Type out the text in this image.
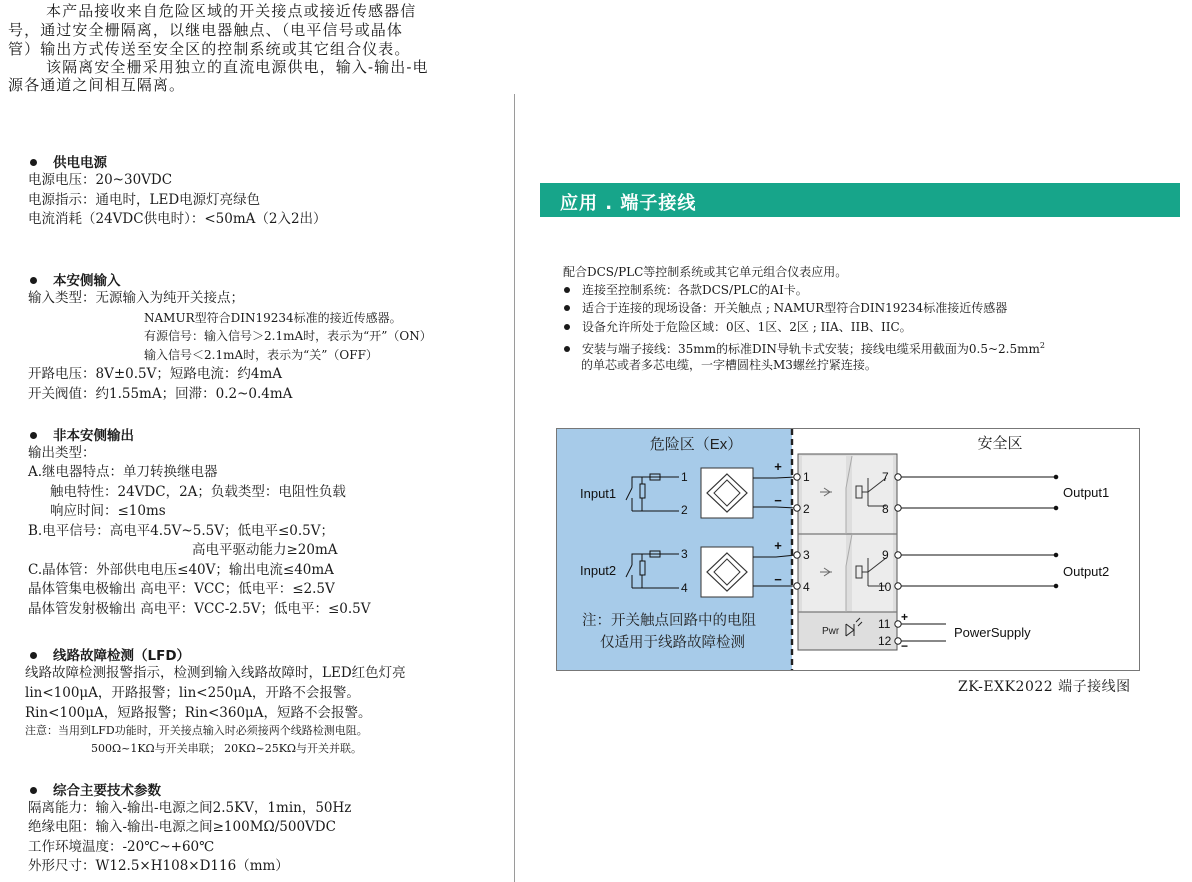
本产品接收来自危险区域的开关接点或接近传感器信
号，通过安全栅隔离，以继电器触点、（电平信号或晶体
管）输出方式传送至安全区的控制系统或其它组合仪表。
该隔离安全栅采用独立的直流电源供电，输入-输出-电
源各通道之间相互隔离。
供电电源
电源电压：20~30VDC
电源指示：通电时，LED电源灯亮绿色
电流消耗（24VDC供电时）：<50mA（2入2出）
本安侧输入
输入类型：无源输入为纯开关接点；
NAMUR型符合DIN19234标准的接近传感器。
有源信号：输入信号＞2.1mA时，表示为“开”（ON）
输入信号＜2.1mA时，表示为“关”（OFF）
开路电压：8V±0.5V；短路电流：约4mA
开关阀值：约1.55mA；回滞：0.2~0.4mA
非本安侧输出
输出类型：
A.继电器特点：单刀转换继电器
触电特性：24VDC，2A；负载类型：电阻性负载
响应时间：≤10ms
B.电平信号：高电平4.5V~5.5V；低电平≤0.5V；
高电平驱动能力≥20mA
C.晶体管：外部供电电压≤40V；输出电流≤40mA
晶体管集电极输出 高电平：VCC；低电平：≤2.5V
晶体管发射极输出 高电平：VCC-2.5V；低电平：≤0.5V
线路故障检测（LFD）
线路故障检测报警指示，检测到输入线路故障时，LED红色灯亮
lin<100μA，开路报警；lin<250μA，开路不会报警。
Rin<100μA，短路报警；Rin<360μA，短路不会报警。
注意：当用到LFD功能时，开关接点输入时必须接两个线路检测电阻。
500Ω~1KΩ与开关串联； 20KΩ~25KΩ与开关并联。
综合主要技术参数
隔离能力：输入-输出-电源之间2.5KV，1min，50Hz
绝缘电阻：输入-输出-电源之间≥100MΩ/500VDC
工作环境温度：-20℃~+60℃
外形尺寸：W12.5×H108×D116（mm）
应用 . 端子接线
配合DCS/PLC等控制系统或其它单元组合仪表应用。
连接至控制系统：各款DCS/PLC的AI卡。
适合于连接的现场设备：开关触点 ; NAMUR型符合DIN19234标准接近传感器
设备允许所处于危险区域：0区、1区、2区 ; IIA、IIB、IIC。
安装与端子接线：35mm的标准DIN导轨卡式安装；接线电缆采用截面为$0.5\sim 2.5mm^2$
的单芯或者多芯电缆，一字槽圆柱头M3螺丝拧紧连接。
危险区（Ex）	安全区
Pwr
+
−
+
−
Input1
Input2
1
2
3
4
1
2
3
4
7
8
9
10
11
12
Output1
Output2
+
−
PowerSupply
注：开关触点回路中的电阻
仅适用于线路故障检测
ZK-EXK2022 端子接线图
